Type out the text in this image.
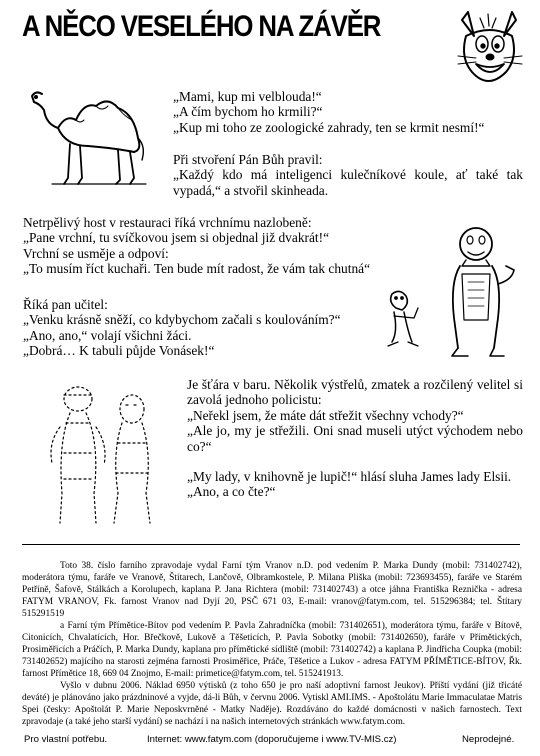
A NĚCO VESELÉHO NA ZÁVĚR
„Mami, kup mi velblouda!“
„A čím bychom ho krmili?“
„Kup mi toho ze zoologické zahrady, ten se krmit nesmí!“
Při stvoření Pán Bůh pravil:

„Každý kdo má inteligenci kulečníkové koule, ať také tak vypadá,“ a stvořil skinheada.

Netrpělivý host v restauraci říká vrchnímu nazlobeně:
„Pane vrchní, tu svíčkovou jsem si objednal již dvakrát!“
Vrchní se usměje a odpoví:
„To musím říct kuchaři. Ten bude mít radost, že vám tak chutná“
Říká pan učitel:
„Venku krásně sněží, co kdybychom začali s koulováním?“
„Ano, ano,“ volají všichni žáci.
„Dobrá… K tabuli půjde Vonásek!“

Je šťára v baru. Několik výstřelů, zmatek a rozčilený velitel si zavolá jednoho policistu:

„Neřekl jsem, že máte dát střežit všechny vchody?“

„Ale jo, my je střežili. Oni snad museli utýct východem nebo co?“

„My lady, v knihovně je lupič!“ hlásí sluha James lady Elsii.

„Ano, a co čte?“

Toto 38. číslo farního zpravodaje vydal Farní tým Vranov n.D. pod vedením P. Marka Dundy (mobil: 731402742), moderátora týmu, faráře ve Vranově, Štítarech, Lančově, Olbramkostele, P. Milana Pliška (mobil: 723693455), faráře ve Starém Petříně, Šafově, Stálkách a Korolupech, kaplana P. Jana Richtera (mobil: 731402743) a otce jáhna Františka Reznička - adresa FATYM VRANOV, Fk. farnost Vranov nad Dyjí 20, PSČ 671 03, E-mail: vranov@fatym.com, tel. 515296384; tel. Štítary 515291519

a Farní tým Přímětice-Bítov pod vedením P. Pavla Zahradníčka (mobil: 731402651), moderátora týmu, faráře v Bítově, Citonicích, Chvalatících, Hor. Břečkově, Lukově a Těšeticích, P. Pavla Sobotky (mobil: 731402650), faráře v Přímětických, Prosiměřicích a Práčích, P. Marka Dundy, kaplana pro přímětické sídliště (mobil: 731402742) a kaplana P. Jindřicha Coupka (mobil: 731402652) majícího na starosti zejména farnosti Prosiměřice, Práče, Těšetice a Lukov - adresa FATYM PŘÍMĚTICE-BÍTOV, Řk. farnost Přímětice 18, 669 04 Znojmo, E-mail: primetice@fatym.com, tel. 515241913.

Vyšlo v dubnu 2006. Náklad 6950 výtisků (z toho 650 je pro naší adoptivní farnost Jeukov). Příští vydání (již třicáté deváté) je plánováno jako prázdninové a vyjde, dá-li Bůh, v červnu 2006. Vytiskl AMI.IMS. - Apoštolátu Marie Immaculatae Matris Spei (česky: Apoštolát P. Marie Neposkvrněné - Matky Naděje). Rozdáváno do každé domácnosti v našich farnostech. Text zpravodaje (a také jeho starší vydání) se nachází i na našich internetových stránkách www.fatym.com.

Pro vlastní potřebu.	Internet: www.fatym.com (doporučujeme i www.TV-MIS.cz)	Neprodejné.
